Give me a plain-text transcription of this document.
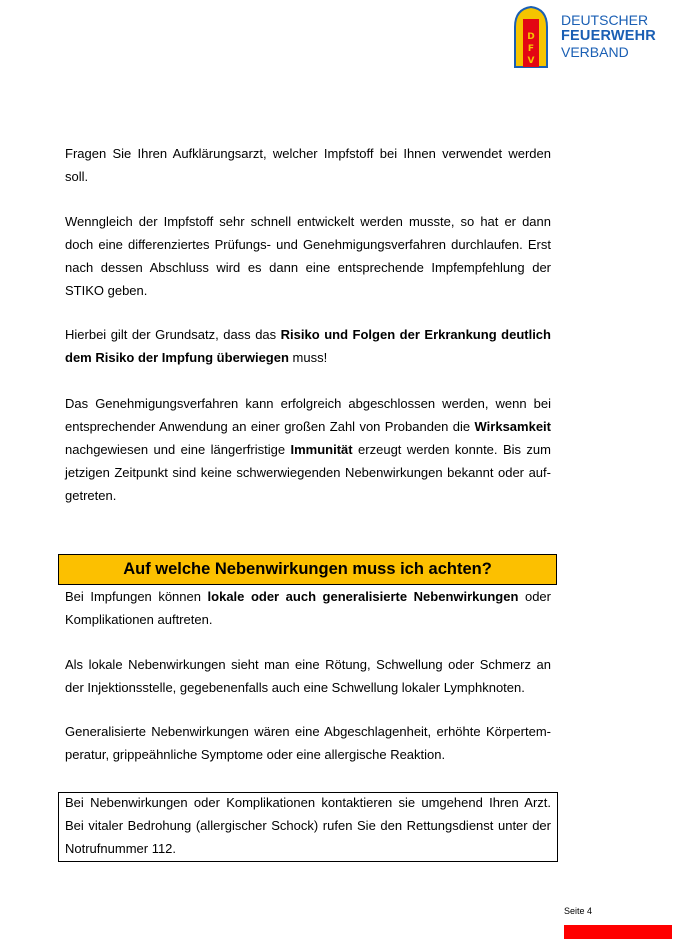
D
F
V
DEUTSCHER
FEUERWEHR
VERBAND

Fragen Sie Ihren Aufklärungsarzt, welcher Impfstoff bei Ihnen verwendet werden soll.

Wenngleich der Impfstoff sehr schnell entwickelt werden musste, so hat er dann doch eine differenziertes Prüfungs- und Genehmigungsverfahren durchlaufen. Erst nach dessen Abschluss wird es dann eine entsprechende Impfempfehlung der STIKO geben.

Hierbei gilt der Grundsatz, dass das Risiko und Folgen der Erkrankung deutlich dem Risiko der Impfung überwiegen muss!

Das Genehmigungsverfahren kann erfolgreich abgeschlossen werden, wenn bei entsprechender Anwendung an einer großen Zahl von Probanden die Wirksamkeit nachgewiesen und eine längerfristige Immunität erzeugt werden konnte. Bis zum jetzigen Zeitpunkt sind keine schwerwiegenden Nebenwirkungen bekannt oder aufgetreten.

Auf welche Nebenwirkungen muss ich achten?

Bei Impfungen können lokale oder auch generalisierte Nebenwirkungen oder Komplikationen auftreten.

Als lokale Nebenwirkungen sieht man eine Rötung, Schwellung oder Schmerz an der Injektionsstelle, gegebenenfalls auch eine Schwellung lokaler Lymphknoten.

Generalisierte Nebenwirkungen wären eine Abgeschlagenheit, erhöhte Körpertemperatur, grippeähnliche Symptome oder eine allergische Reaktion.

Bei Nebenwirkungen oder Komplikationen kontaktieren sie umgehend Ihren Arzt. Bei vitaler Bedrohung (allergischer Schock) rufen Sie den Rettungsdienst unter der Notrufnummer 112.

Seite 4
